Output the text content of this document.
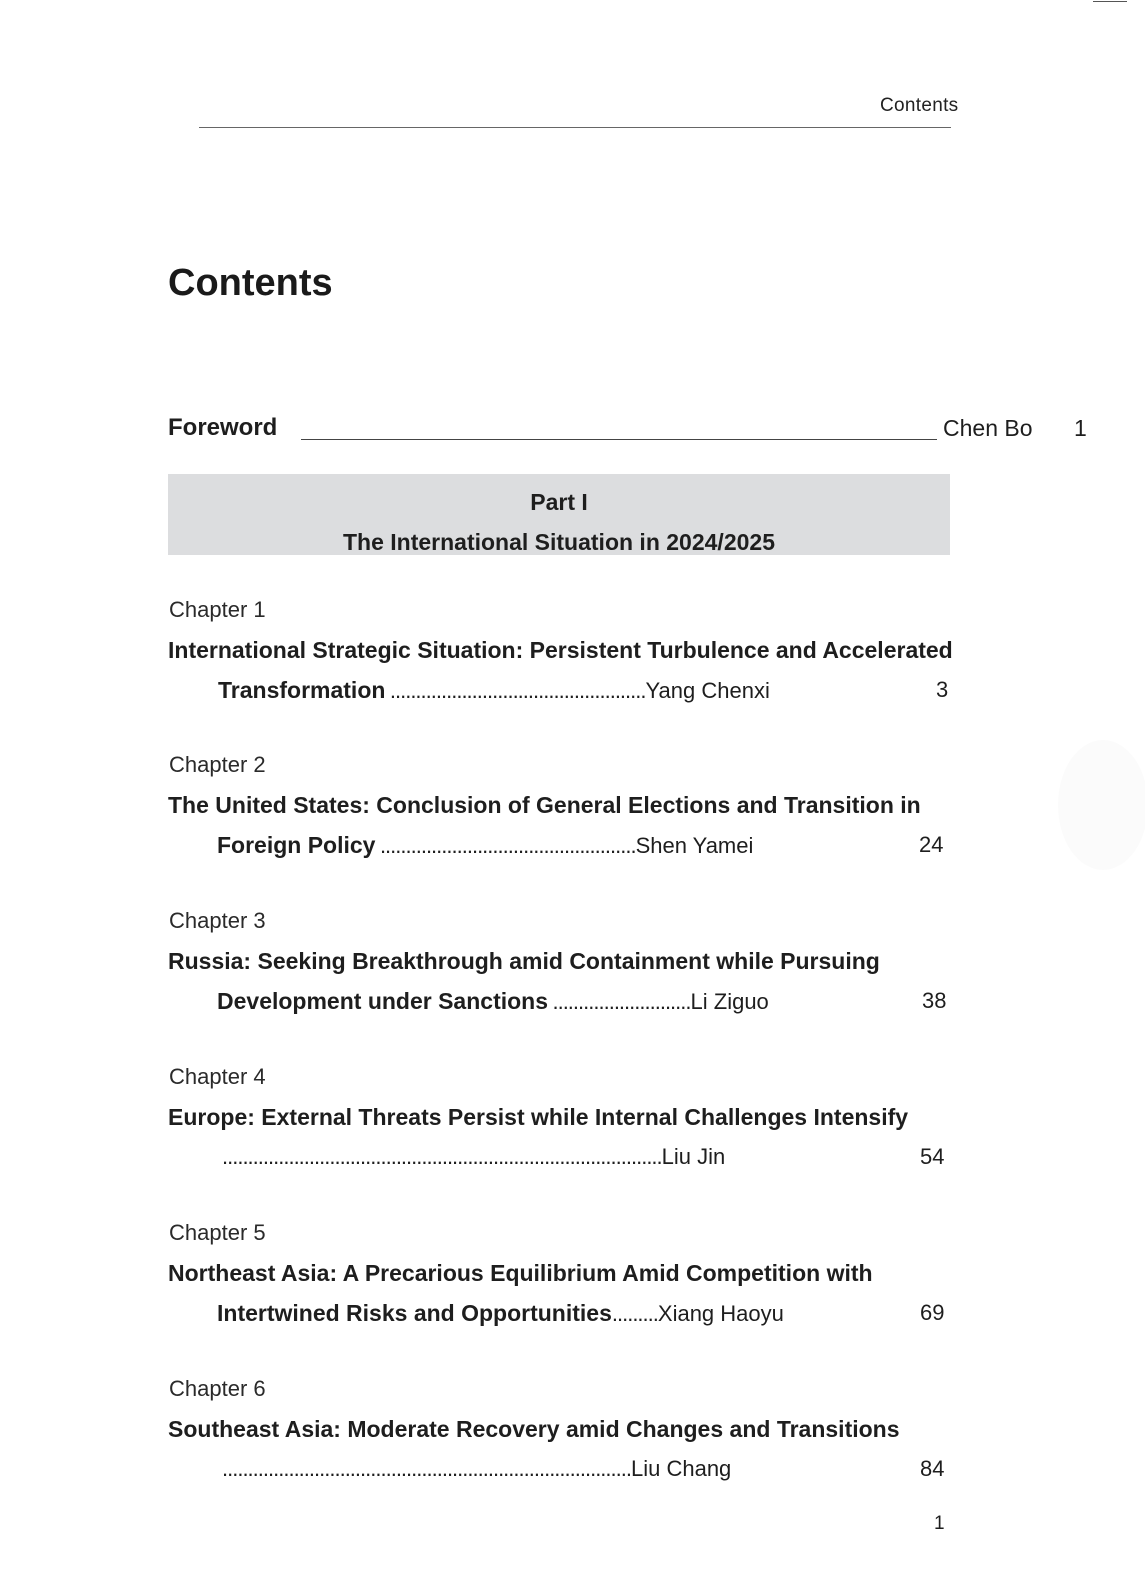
Contents
Contents
Foreword	Chen Bo 1
Part I
The International Situation in 2024/2025
Chapter 1
International Strategic Situation: Persistent Turbulence and Accelerated
Transformation ..................................................Yang Chenxi	3
Chapter 2
The United States: Conclusion of General Elections and Transition in
Foreign Policy ..................................................Shen Yamei	24
Chapter 3
Russia: Seeking Breakthrough amid Containment while Pursuing
Development under Sanctions ...........................Li Ziguo	38
Chapter 4
Europe: External Threats Persist while Internal Challenges Intensify
......................................................................................Liu Jin	54
Chapter 5
Northeast Asia: A Precarious Equilibrium Amid Competition with
Intertwined Risks and Opportunities.........Xiang Haoyu	69
Chapter 6
Southeast Asia: Moderate Recovery amid Changes and Transitions
................................................................................Liu Chang	84
1
